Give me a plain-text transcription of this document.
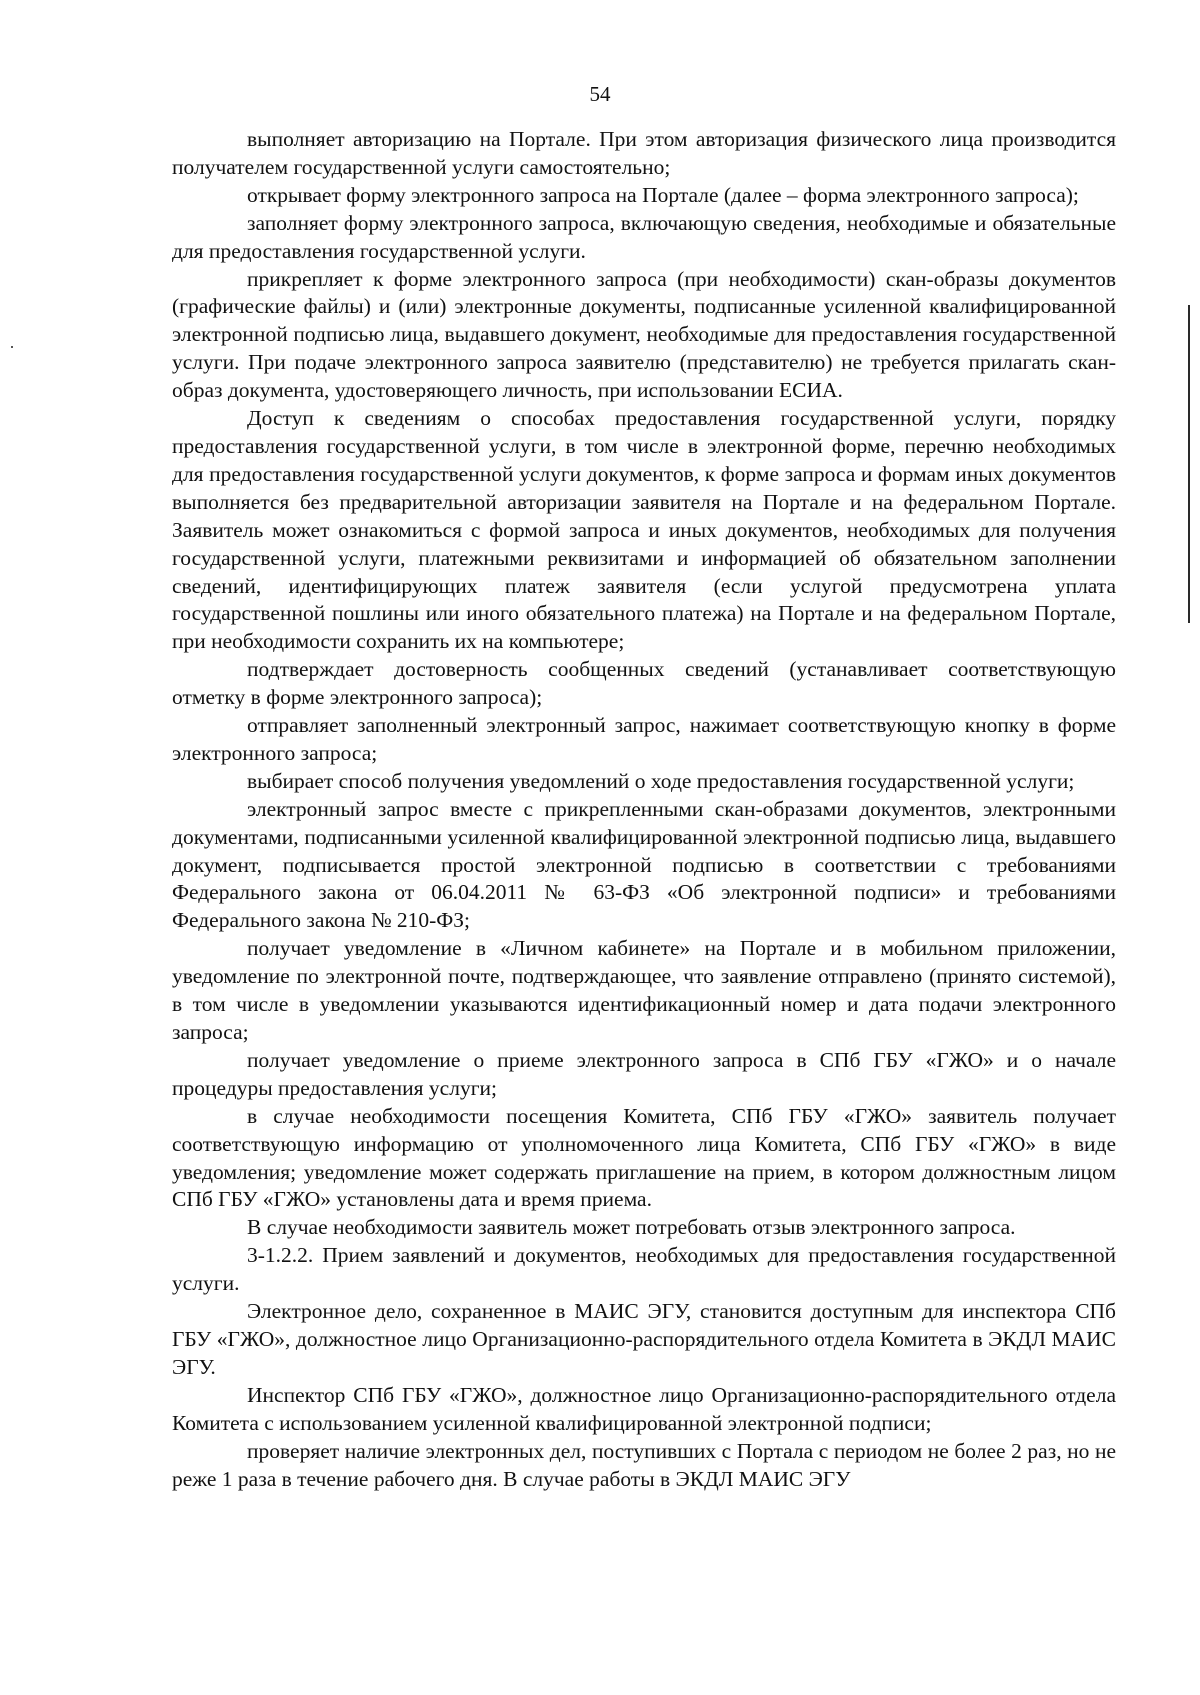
54

выполняет авторизацию на Портале. При этом авторизация физического лица производится получателем государственной услуги самостоятельно;

открывает форму электронного запроса на Портале (далее – форма электронного запроса);

заполняет форму электронного запроса, включающую сведения, необходимые и обязательные для предоставления государственной услуги.

прикрепляет к форме электронного запроса (при необходимости) скан-образы документов (графические файлы) и (или) электронные документы, подписанные усиленной квалифицированной электронной подписью лица, выдавшего документ, необходимые для предоставления государственной услуги. При подаче электронного запроса заявителю (представителю) не требуется прилагать скан-образ документа, удостоверяющего личность, при использовании ЕСИА.

Доступ к сведениям о способах предоставления государственной услуги, порядку предоставления государственной услуги, в том числе в электронной форме, перечню необходимых для предоставления государственной услуги документов, к форме запроса и формам иных документов выполняется без предварительной авторизации заявителя на Портале и на федеральном Портале. Заявитель может ознакомиться с формой запроса и иных документов, необходимых для получения государственной услуги, платежными реквизитами и информацией об обязательном заполнении сведений, идентифицирующих платеж заявителя (если услугой предусмотрена уплата государственной пошлины или иного обязательного платежа) на Портале и на федеральном Портале, при необходимости сохранить их на компьютере;

подтверждает достоверность сообщенных сведений (устанавливает соответствующую отметку в форме электронного запроса);

отправляет заполненный электронный запрос, нажимает соответствующую кнопку в форме электронного запроса;

выбирает способ получения уведомлений о ходе предоставления государственной услуги;

электронный запрос вместе с прикрепленными скан-образами документов, электронными документами, подписанными усиленной квалифицированной электронной подписью лица, выдавшего документ, подписывается простой электронной подписью в соответствии с требованиями Федерального закона от 06.04.2011 № 63-ФЗ «Об электронной подписи» и требованиями Федерального закона № 210-ФЗ;

получает уведомление в «Личном кабинете» на Портале и в мобильном приложении, уведомление по электронной почте, подтверждающее, что заявление отправлено (принято системой), в том числе в уведомлении указываются идентификационный номер и дата подачи электронного запроса;

получает уведомление о приеме электронного запроса в СПб ГБУ «ГЖО» и о начале процедуры предоставления услуги;

в случае необходимости посещения Комитета, СПб ГБУ «ГЖО» заявитель получает соответствующую информацию от уполномоченного лица Комитета, СПб ГБУ «ГЖО» в виде уведомления; уведомление может содержать приглашение на прием, в котором должностным лицом СПб ГБУ «ГЖО» установлены дата и время приема.

В случае необходимости заявитель может потребовать отзыв электронного запроса.

3-1.2.2. Прием заявлений и документов, необходимых для предоставления государственной услуги.

Электронное дело, сохраненное в МАИС ЭГУ, становится доступным для инспектора СПб ГБУ «ГЖО», должностное лицо Организационно-распорядительного отдела Комитета в ЭКДЛ МАИС ЭГУ.

Инспектор СПб ГБУ «ГЖО», должностное лицо Организационно-распорядительного отдела Комитета с использованием усиленной квалифицированной электронной подписи;

проверяет наличие электронных дел, поступивших с Портала с периодом не более 2 раз, но не реже 1 раза в течение рабочего дня. В случае работы в ЭКДЛ МАИС ЭГУ
